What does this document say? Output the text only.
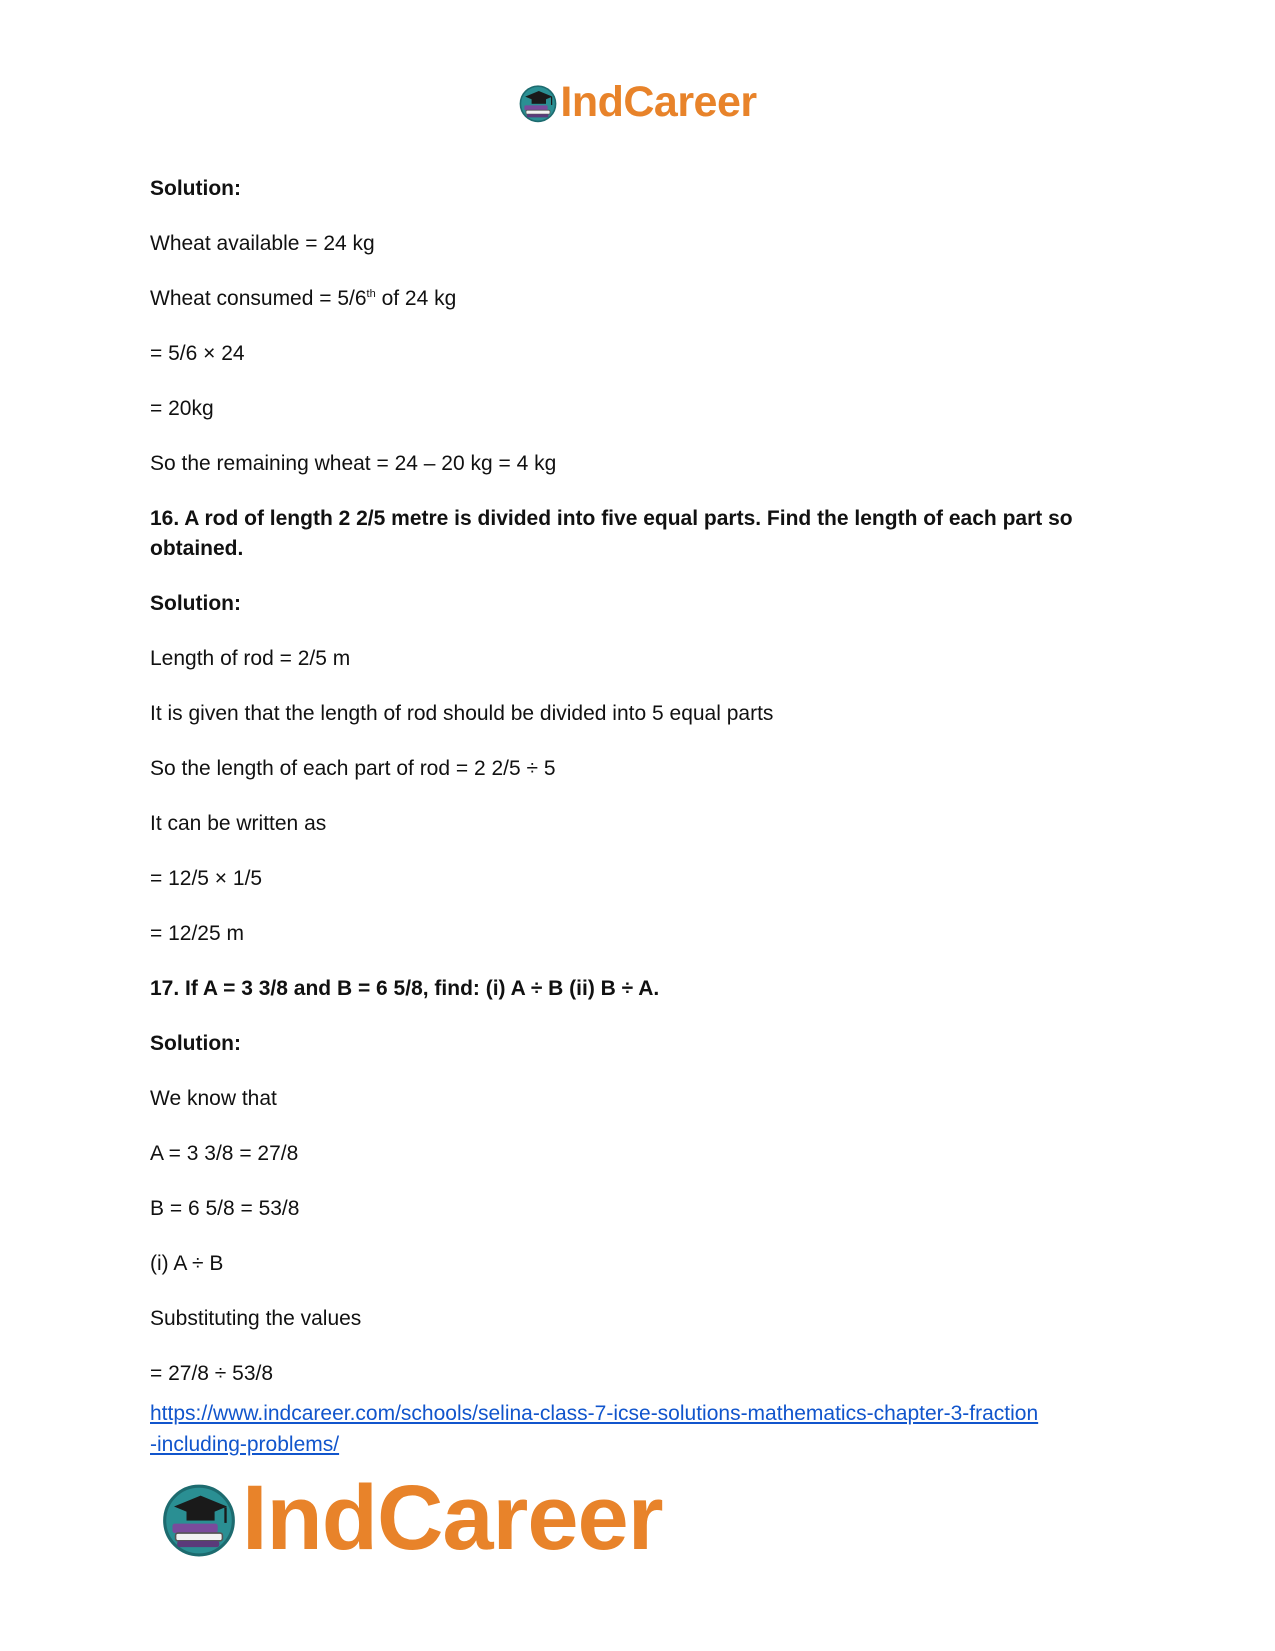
IndCareer

Solution:

Wheat available = 24 kg

Wheat consumed = 5/6th of 24 kg

= 5/6 × 24

= 20kg

So the remaining wheat = 24 – 20 kg = 4 kg

16. A rod of length 2 2/5 metre is divided into five equal parts. Find the length of each part so obtained.

Solution:

Length of rod = 2/5 m

It is given that the length of rod should be divided into 5 equal parts

So the length of each part of rod = 2 2/5 ÷ 5

It can be written as

= 12/5 × 1/5

= 12/25 m

17. If A = 3 3/8 and B = 6 5/8, find: (i) A ÷ B (ii) B ÷ A.

Solution:

We know that

A = 3 3/8 = 27/8

B = 6 5/8 = 53/8

(i) A ÷ B

Substituting the values

= 27/8 ÷ 53/8

https://www.indcareer.com/schools/selina-class-7-icse-solutions-mathematics-chapter-3-fraction
-including-problems/
IndCareer
